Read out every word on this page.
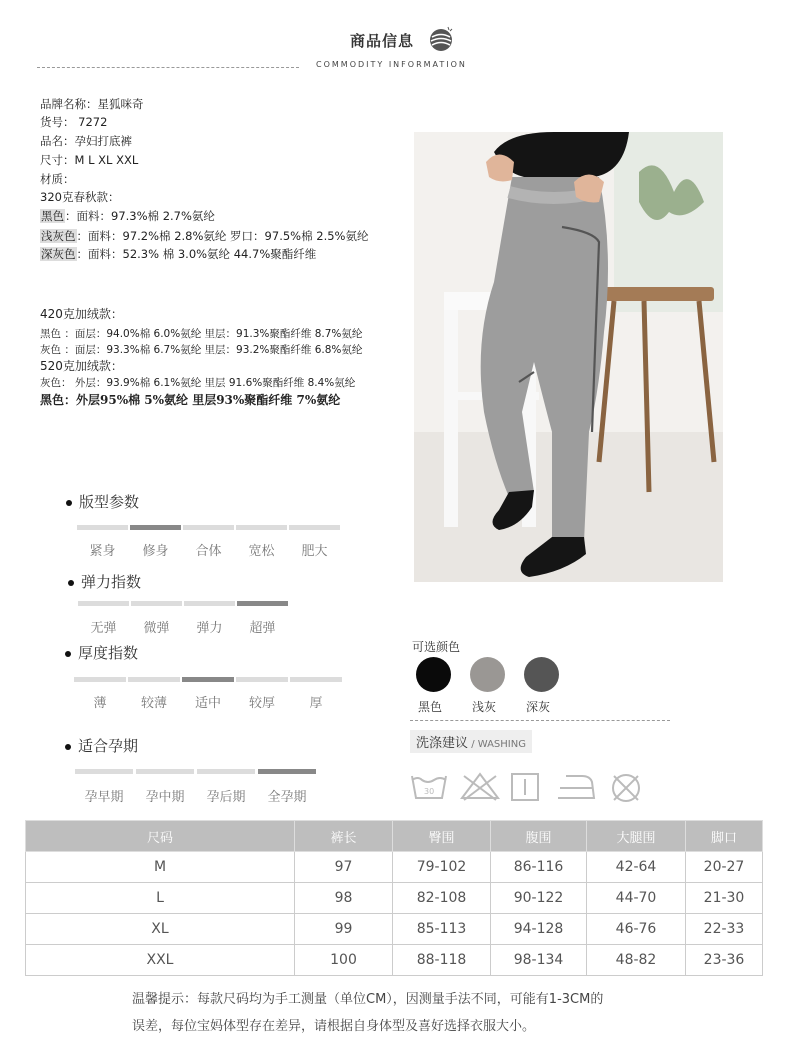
商品信息
COMMODITY INFORMATION
品牌名称：星狐咪奇
货号： 7272
品名：孕妇打底裤
尺寸：M L XL XXL
材质：
320克春秋款：
黑色：面料：97.3%棉 2.7%氨纶
浅灰色：面料：97.2%棉 2.8%氨纶 罗口：97.5%棉 2.5%氨纶
深灰色：面料：52.3% 棉 3.0%氨纶 44.7%聚酯纤维
420克加绒款：
黑色 ：面层：94.0%棉 6.0%氨纶 里层：91.3%聚酯纤维 8.7%氨纶
灰色 ：面层：93.3%棉 6.7%氨纶 里层：93.2%聚酯纤维 6.8%氨纶
520克加绒款：
灰色： 外层：93.9%棉 6.1%氨纶 里层 91.6%聚酯纤维 8.4%氨纶
黑色：外层95%棉 5%氨纶 里层93%聚酯纤维 7%氨纶
版型参数
紧身	修身	合体	宽松	肥大
弹力指数
无弹	微弹	弹力	超弹
厚度指数
薄	较薄	适中	较厚	厚
适合孕期
孕早期	孕中期	孕后期	全孕期
可选颜色
黑色 浅灰 深灰
洗涤建议 / WASHING
30
尺码	裤长	臀围	腹围	大腿围	脚口
M	97	79-102	86-116	42-64	20-27
L	98	82-108	90-122	44-70	21-30
XL	99	85-113	94-128	46-76	22-33
XXL	100	88-118	98-134	48-82	23-36
温馨提示：每款尺码均为手工测量（单位CM），因测量手法不同，可能有1-3CM的
误差，每位宝妈体型存在差异，请根据自身体型及喜好选择衣服大小。
